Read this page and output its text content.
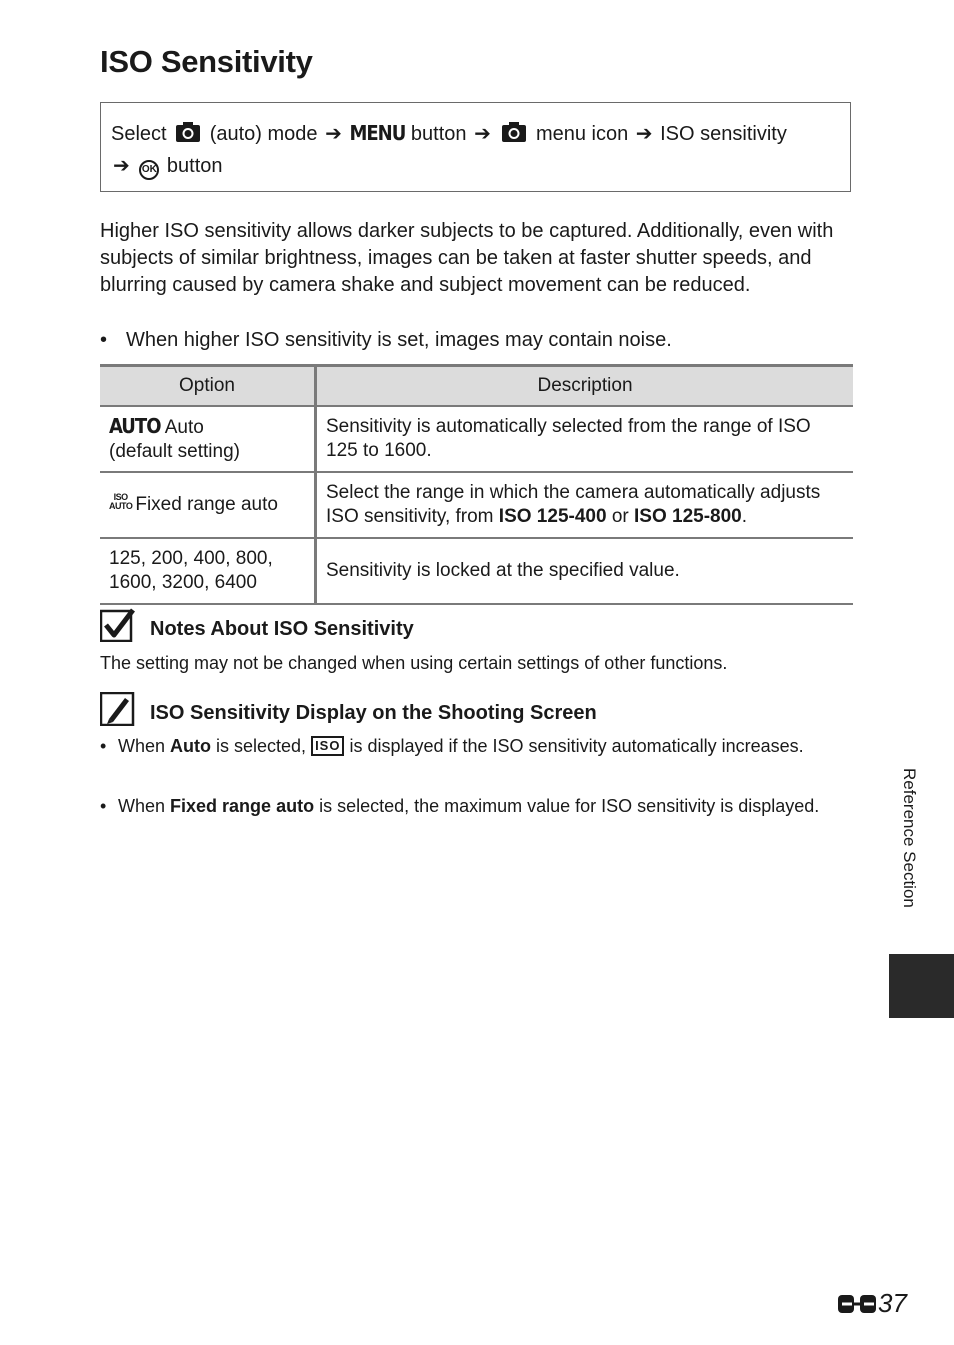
ISO Sensitivity
Select (auto) mode ➔ MENU button ➔ menu icon ➔ ISO sensitivity
➔ OK button

Higher ISO sensitivity allows darker subjects to be captured. Additionally, even with subjects of similar brightness, images can be taken at faster shutter speeds, and blurring caused by camera shake and subject movement can be reduced.

• When higher ISO sensitivity is set, images may contain noise.
Option	Description
AUTO Auto
(default setting)	Sensitivity is automatically selected from the range of ISO 125 to 1600.
ISO
AUTO Fixed range auto	Select the range in which the camera automatically adjusts ISO sensitivity, from ISO 125-400 or ISO 125-800.
125, 200, 400, 800,
1600, 3200, 6400	Sensitivity is locked at the specified value.
Notes About ISO Sensitivity

The setting may not be changed when using certain settings of other functions.

ISO Sensitivity Display on the Shooting Screen
• When Auto is selected, ISO is displayed if the ISO sensitivity automatically increases.
• When Fixed range auto is selected, the maximum value for ISO sensitivity is displayed.	Reference Section
37
